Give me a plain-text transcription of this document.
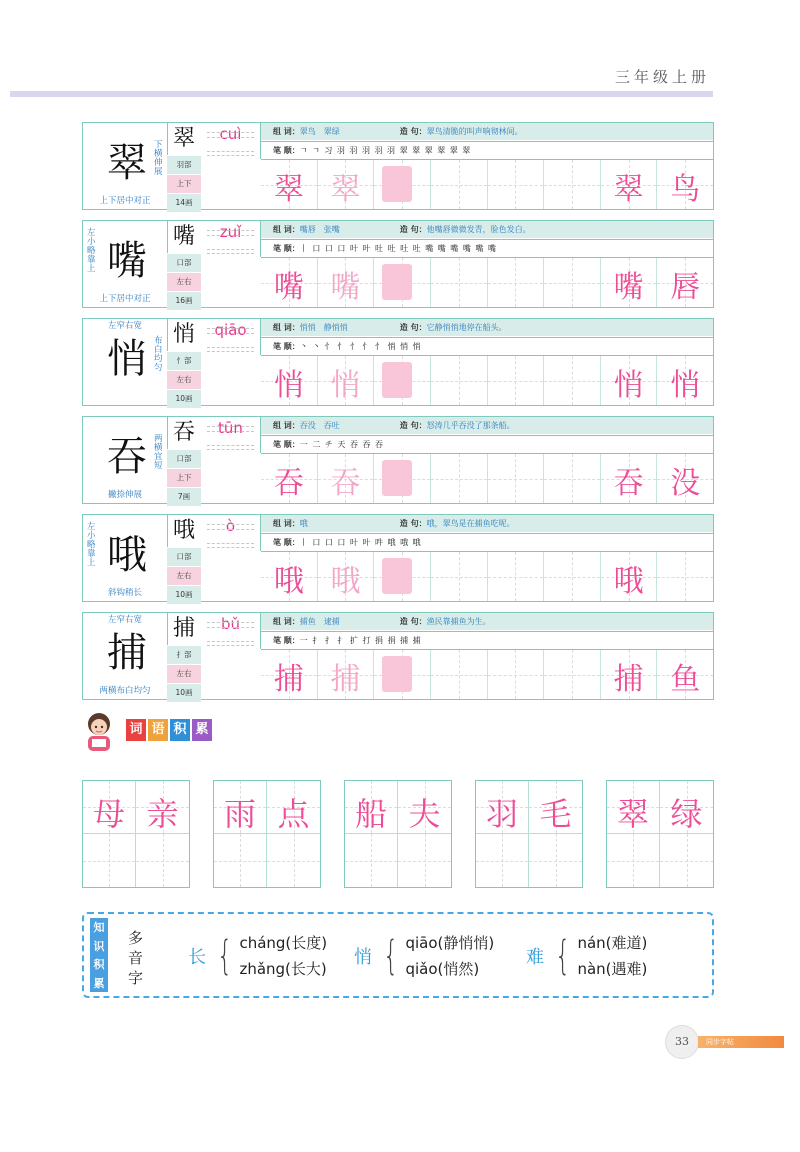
三年级上册
翠 下横伸展
上下居中对正
翠
羽部
上下
14画
cuì	组 词：翠鸟　翠绿	造 句：翠鸟清脆的叫声响彻林间。
笔 顺：ㄱ ㄱ 习 羽 羽 羽 羽 羽 翠 翠 翠 翠 翠 翠
翠 翠	翠 鸟
嘴
左小略靠上
上下居中对正
嘴
口部
左右
16画
zuǐ	组 词：嘴唇　张嘴	造 句：他嘴唇微微发青，脸色发白。
笔 顺：丨 口 口 口 叶 叶 吐 吐 吐 吐 嘴 嘴 嘴 嘴 嘴 嘴
嘴 嘴	嘴 唇
悄
左窄右宽
布白均匀
悄
忄部
左右
10画
qiāo	组 词：悄悄　静悄悄	造 句：它静悄悄地停在船头。
笔 顺：丶 丶 忄 忄 忄 忄 忄 悄 悄 悄
悄 悄	悄 悄
吞 两横宜短
撇捺伸展
吞
口部
上下
7画
tūn	组 词：吞没　吞吐	造 句：怒涛几乎吞没了那条船。
笔 顺：一 二 チ 天 吞 吞 吞
吞 吞	吞 没
哦
左小略靠上
斜钩稍长
哦
口部
左右
10画
ò	组 词：哦	造 句：哦，翠鸟是在捕鱼吃呢。
笔 顺：丨 口 口 口 叶 叶 吽 哦 哦 哦
哦 哦	哦
捕
左窄右宽
两横布白均匀
捕
扌部
左右
10画
bǔ	组 词：捕鱼　逮捕	造 句：渔民靠捕鱼为生。
笔 顺：一 扌 扌 扌 扩 打 捐 捐 捕 捕
捕 捕	捕 鱼
词 语 积 累
母 亲	雨 点	船 夫	羽 毛	翠 绿
知
识
积
累
多音字
长 { cháng(长度)
zhǎng(长大)
悄 { qiāo(静悄悄)
qiǎo(悄然)
难 { nán(难道)
nàn(遇难)
33	同步字帖
